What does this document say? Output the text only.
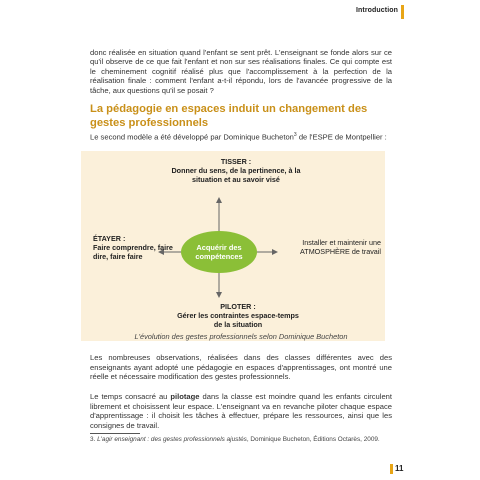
Introduction

donc réalisée en situation quand l'enfant se sent prêt. L'enseignant se fonde alors sur ce qu'il observe de ce que fait l'enfant et non sur ses réalisations finales. Ce qui compte est le cheminement cognitif réalisé plus que l'accomplissement à la perfection de la réalisation finale : comment l'enfant a-t-il répondu, lors de l'avancée progressive de la tâche, aux questions qu'il se posait ?

La pédagogie en espaces induit un changement des gestes professionnels

Le second modèle a été développé par Dominique Bucheton$^3$ de l'ESPE de Montpellier :

TISSER :
Donner du sens, de la pertinence, à la situation et au savoir visé
ÉTAYER :
Faire comprendre, faire dire, faire faire
Installer et maintenir une ATMOSPHÈRE de travail
PILOTER :
Gérer les contraintes espace-temps de la situation
Acquérir des compétences
L'évolution des gestes professionnels selon Dominique Bucheton

Les nombreuses observations, réalisées dans des classes différentes avec des enseignants ayant adopté une pédagogie en espaces d'apprentissages, ont montré une réelle et nécessaire modification des gestes professionnels.

Le temps consacré au pilotage dans la classe est moindre quand les enfants circulent librement et choisissent leur espace. L'enseignant va en revanche piloter chaque espace d'apprentissage : il choisit les tâches à effectuer, prépare les ressources, ainsi que les consignes de travail.

3. L'agir enseignant : des gestes professionnels ajustés, Dominique Bucheton, Éditions Octarès, 2009.
11
